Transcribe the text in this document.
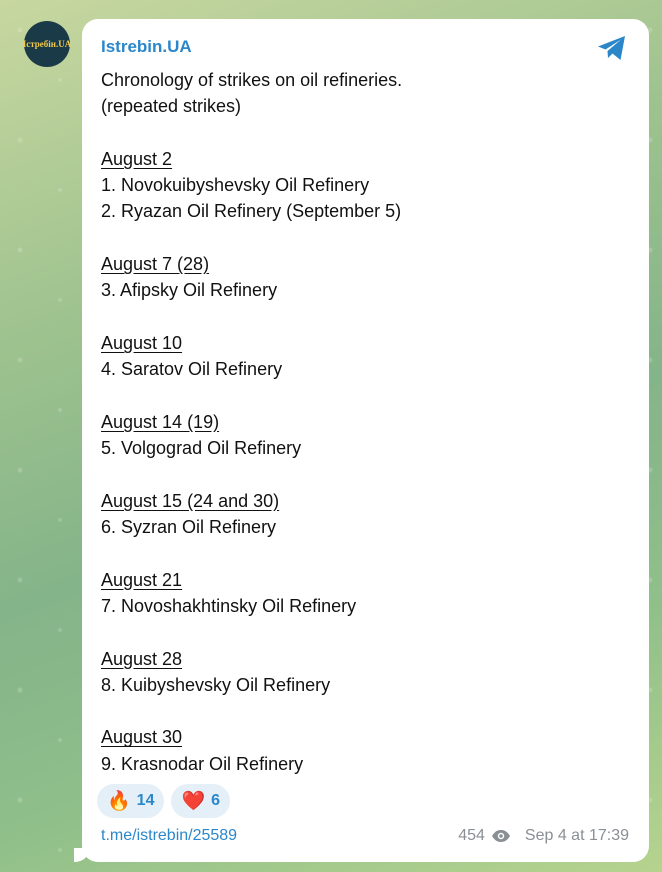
Істребін.UA Istrebin.UA
Chronology of strikes on oil refineries.
(repeated strikes)
August 2
1. Novokuibyshevsky Oil Refinery
2. Ryazan Oil Refinery (September 5)
August 7 (28)
3. Afipsky Oil Refinery
August 10
4. Saratov Oil Refinery
August 14 (19)
5. Volgograd Oil Refinery
August 15 (24 and 30)
6. Syzran Oil Refinery
August 21
7. Novoshakhtinsky Oil Refinery
August 28
8. Kuibyshevsky Oil Refinery
August 30
9. Krasnodar Oil Refinery
🔥 14 ❤️ 6
t.me/istrebin/25589	454	Sep 4 at 17:39
